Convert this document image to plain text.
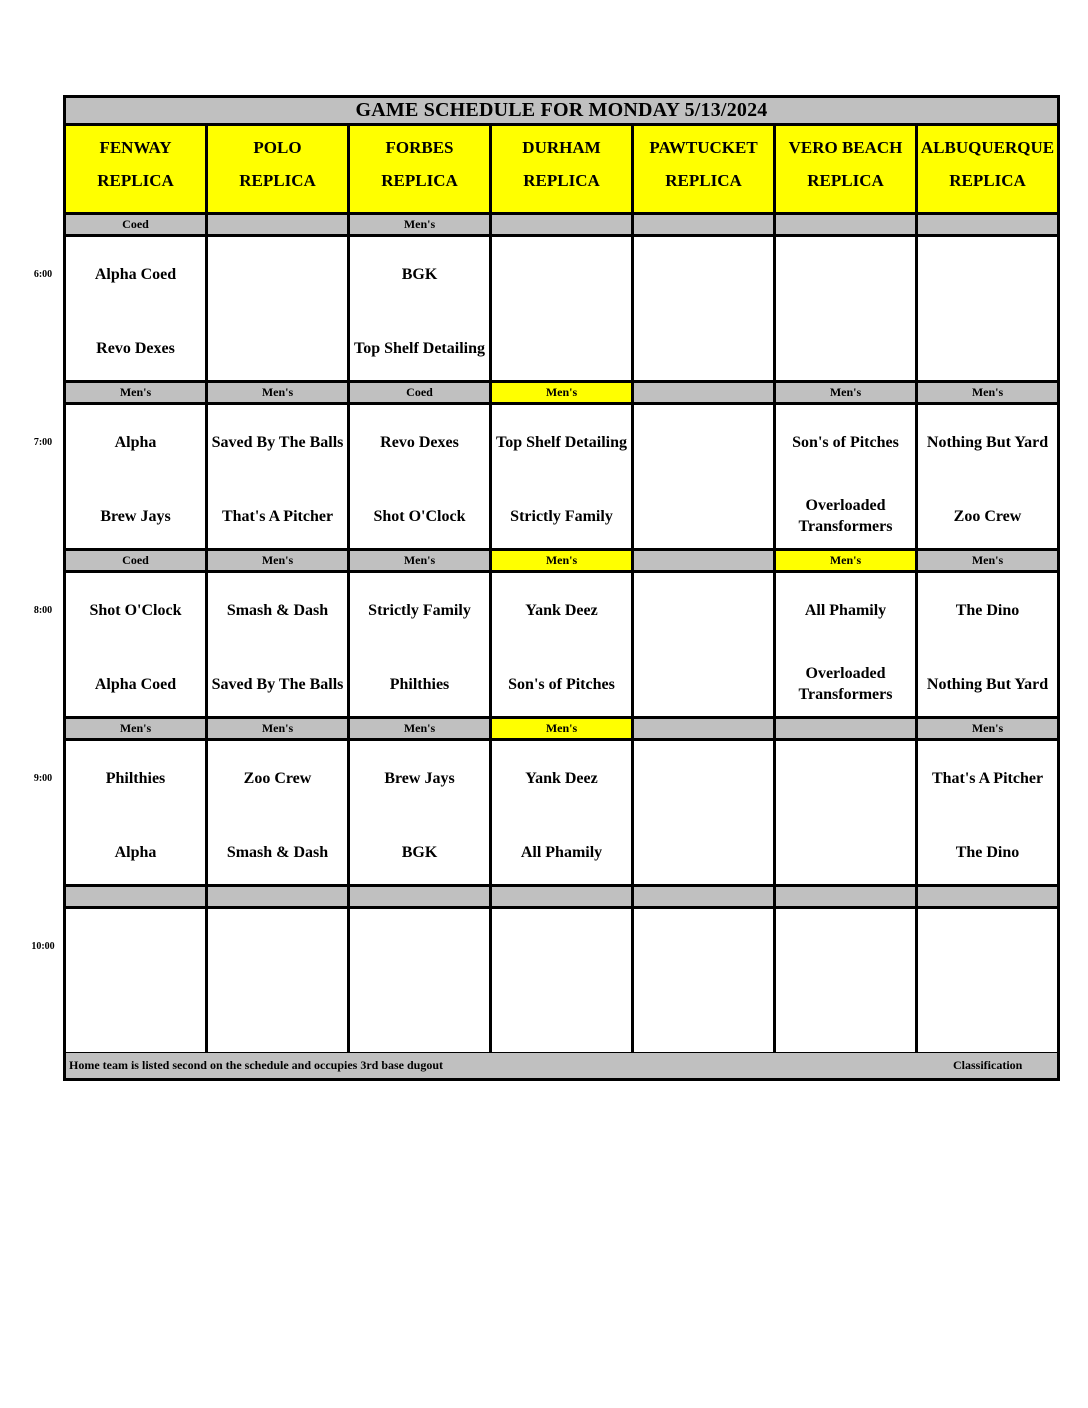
GAME SCHEDULE FOR MONDAY 5/13/2024
FENWAY
REPLICA
POLO
REPLICA
FORBES
REPLICA
DURHAM
REPLICA
PAWTUCKET
REPLICA
VERO BEACH
REPLICA
ALBUQUERQUE
REPLICA
Coed
Alpha Coed
Revo Dexes
Men's
BGK
Top Shelf Detailing
Men's
Alpha
Brew Jays
Men's
Saved By The Balls
That's A Pitcher
Coed
Revo Dexes
Shot O'Clock
Men's
Top Shelf Detailing
Strictly Family
Men's
Son's of Pitches
Overloaded Transformers
Men's
Nothing But Yard
Zoo Crew
Coed
Shot O'Clock
Alpha Coed
Men's
Smash & Dash
Saved By The Balls
Men's
Strictly Family
Philthies
Men's
Yank Deez
Son's of Pitches
Men's
All Phamily
Overloaded Transformers
Men's
The Dino
Nothing But Yard
Men's
Philthies
Alpha
Men's
Zoo Crew
Smash & Dash
Men's
Brew Jays
BGK
Men's
Yank Deez
All Phamily
Men's
That's A Pitcher
The Dino
Home team is listed second on the schedule and occupies 3rd base dugout	Classification
6:00
7:00
8:00
9:00
10:00
